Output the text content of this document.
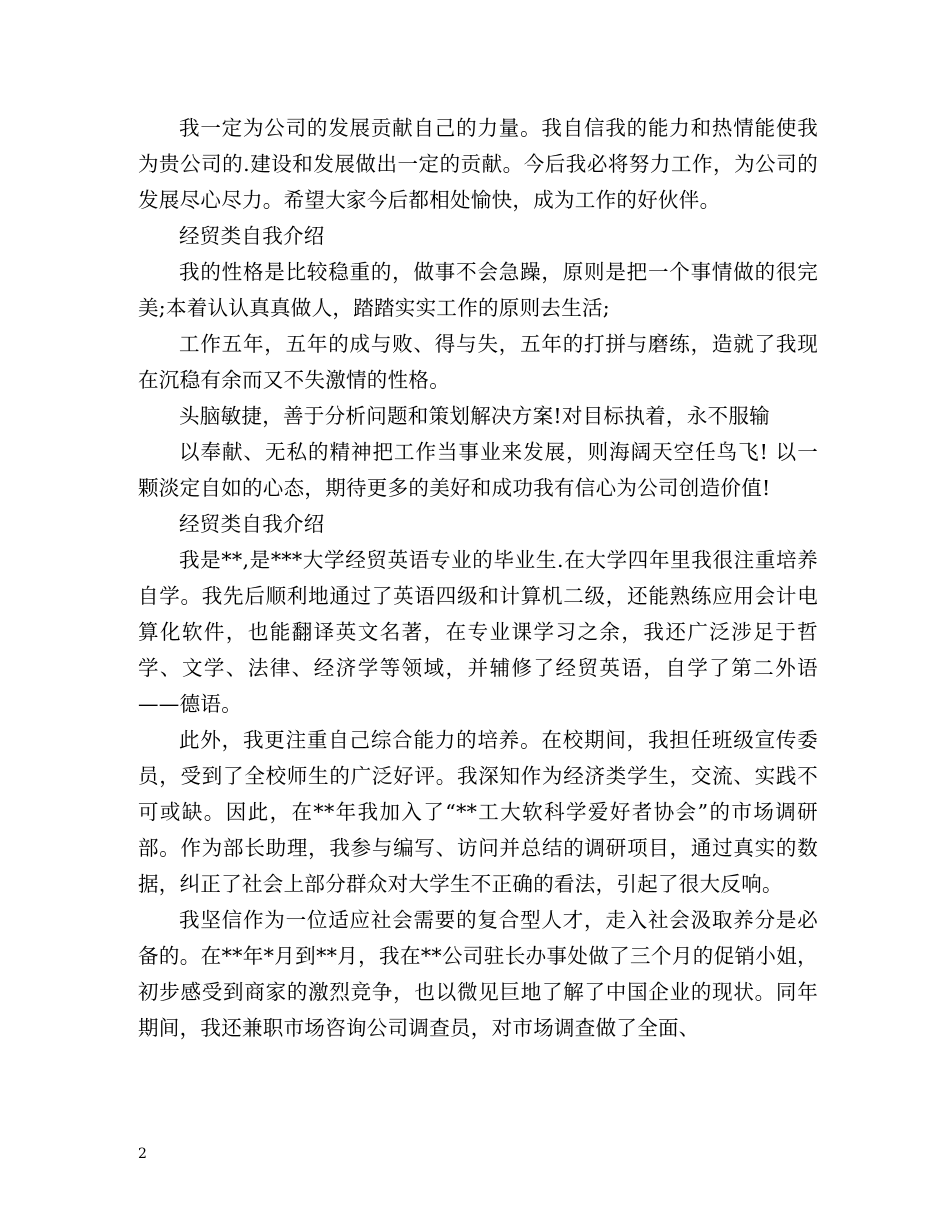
我一定为公司的发展贡献自己的力量。我自信我的能力和热情能使我为贵公司的.建设和发展做出一定的贡献。今后我必将努力工作，为公司的发展尽心尽力。希望大家今后都相处愉快，成为工作的好伙伴。

经贸类自我介绍

我的性格是比较稳重的，做事不会急躁，原则是把一个事情做的很完美;本着认认真真做人，踏踏实实工作的原则去生活;

工作五年，五年的成与败、得与失，五年的打拼与磨练，造就了我现在沉稳有余而又不失激情的性格。

头脑敏捷，善于分析问题和策划解决方案!对目标执着，永不服输

以奉献、无私的精神把工作当事业来发展，则海阔天空任鸟飞! 以一颗淡定自如的心态，期待更多的美好和成功我有信心为公司创造价值!

经贸类自我介绍

我是**,是***大学经贸英语专业的毕业生.在大学四年里我很注重培养自学。我先后顺利地通过了英语四级和计算机二级，还能熟练应用会计电算化软件，也能翻译英文名著，在专业课学习之余，我还广泛涉足于哲学、文学、法律、经济学等领域，并辅修了经贸英语，自学了第二外语——德语。

此外，我更注重自己综合能力的培养。在校期间，我担任班级宣传委员，受到了全校师生的广泛好评。我深知作为经济类学生，交流、实践不可或缺。因此，在**年我加入了“**工大软科学爱好者协会”的市场调研部。作为部长助理，我参与编写、访问并总结的调研项目，通过真实的数据，纠正了社会上部分群众对大学生不正确的看法，引起了很大反响。

我坚信作为一位适应社会需要的复合型人才，走入社会汲取养分是必备的。在**年*月到**月，我在**公司驻长办事处做了三个月的促销小姐，初步感受到商家的激烈竞争，也以微见巨地了解了中国企业的现状。同年期间，我还兼职市场咨询公司调查员，对市场调查做了全面、

2
